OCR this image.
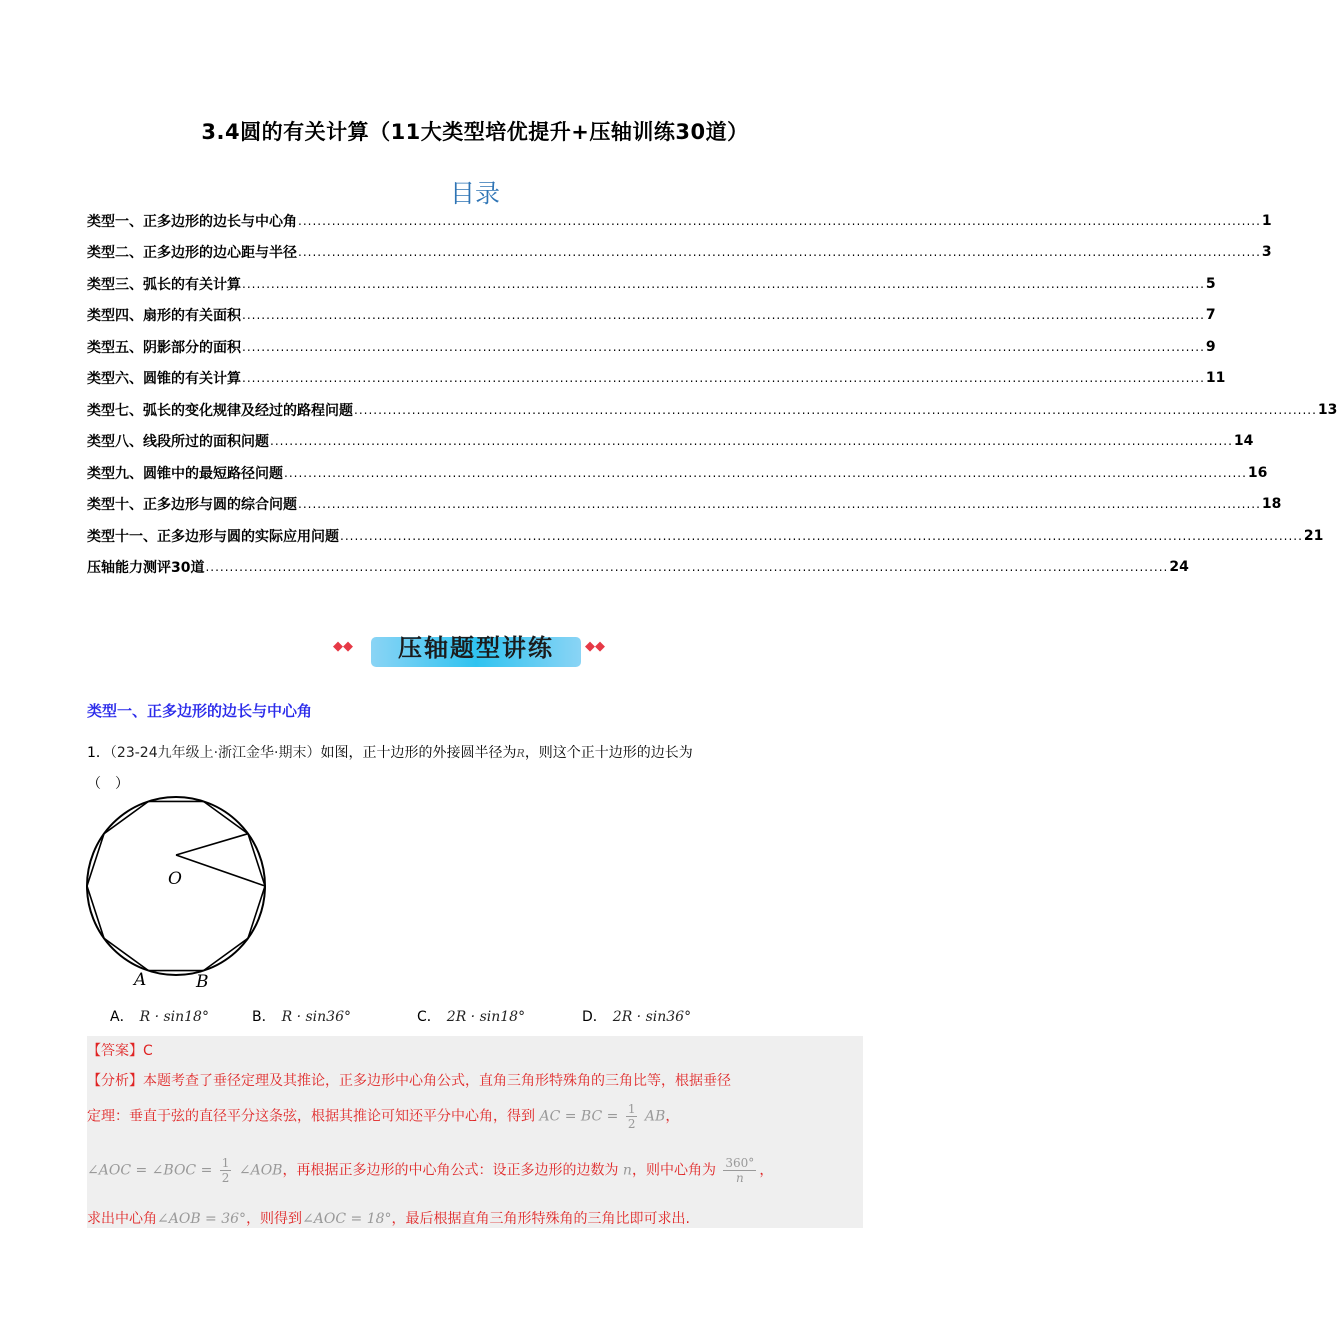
3.4圆的有关计算（11大类型培优提升+压轴训练30道）
目录
类型一、正多边形的边长与中心角 ........................................................................................................................................................................................................ 1
类型二、正多边形的边心距与半径 ........................................................................................................................................................................................................ 3
类型三、弧长的有关计算 ........................................................................................................................................................................................................ 5
类型四、扇形的有关面积 ........................................................................................................................................................................................................ 7
类型五、阴影部分的面积 ........................................................................................................................................................................................................ 9
类型六、圆锥的有关计算 ........................................................................................................................................................................................................ 11
类型七、弧长的变化规律及经过的路程问题 ........................................................................................................................................................................................................ 13
类型八、线段所过的面积问题 ........................................................................................................................................................................................................ 14
类型九、圆锥中的最短路径问题 ........................................................................................................................................................................................................ 16
类型十、正多边形与圆的综合问题 ........................................................................................................................................................................................................ 18
类型十一、正多边形与圆的实际应用问题 ........................................................................................................................................................................................................ 21
压轴能力测评30道 ........................................................................................................................................................................................................ 24
◆◆	压轴题型讲练	◆◆
类型一、正多边形的边长与中心角
1．（23-24九年级上·浙江金华·期末）如图，正十边形的外接圆半径为R，则这个正十边形的边长为
（　）
O
A	B
A． R · sin18°	B． R · sin36°	C． 2R · sin18°	D． 2R · sin36°
【答案】C
【分析】本题考查了垂径定理及其推论，正多边形中心角公式，直角三角形特殊角的三角比等，根据垂径
定理：垂直于弦的直径平分这条弦，根据其推论可知还平分中心角，得到 AC = BC = $\frac{1}{2}$ AB，
∠AOC = ∠BOC = $\frac{1}{2}$ ∠AOB，再根据正多边形的中心角公式：设正多边形的边数为 n，则中心角为 $\frac{360^\circ}{n}$ ，
求出中心角∠AOB = 36°，则得到∠AOC = 18°，最后根据直角三角形特殊角的三角比即可求出.
